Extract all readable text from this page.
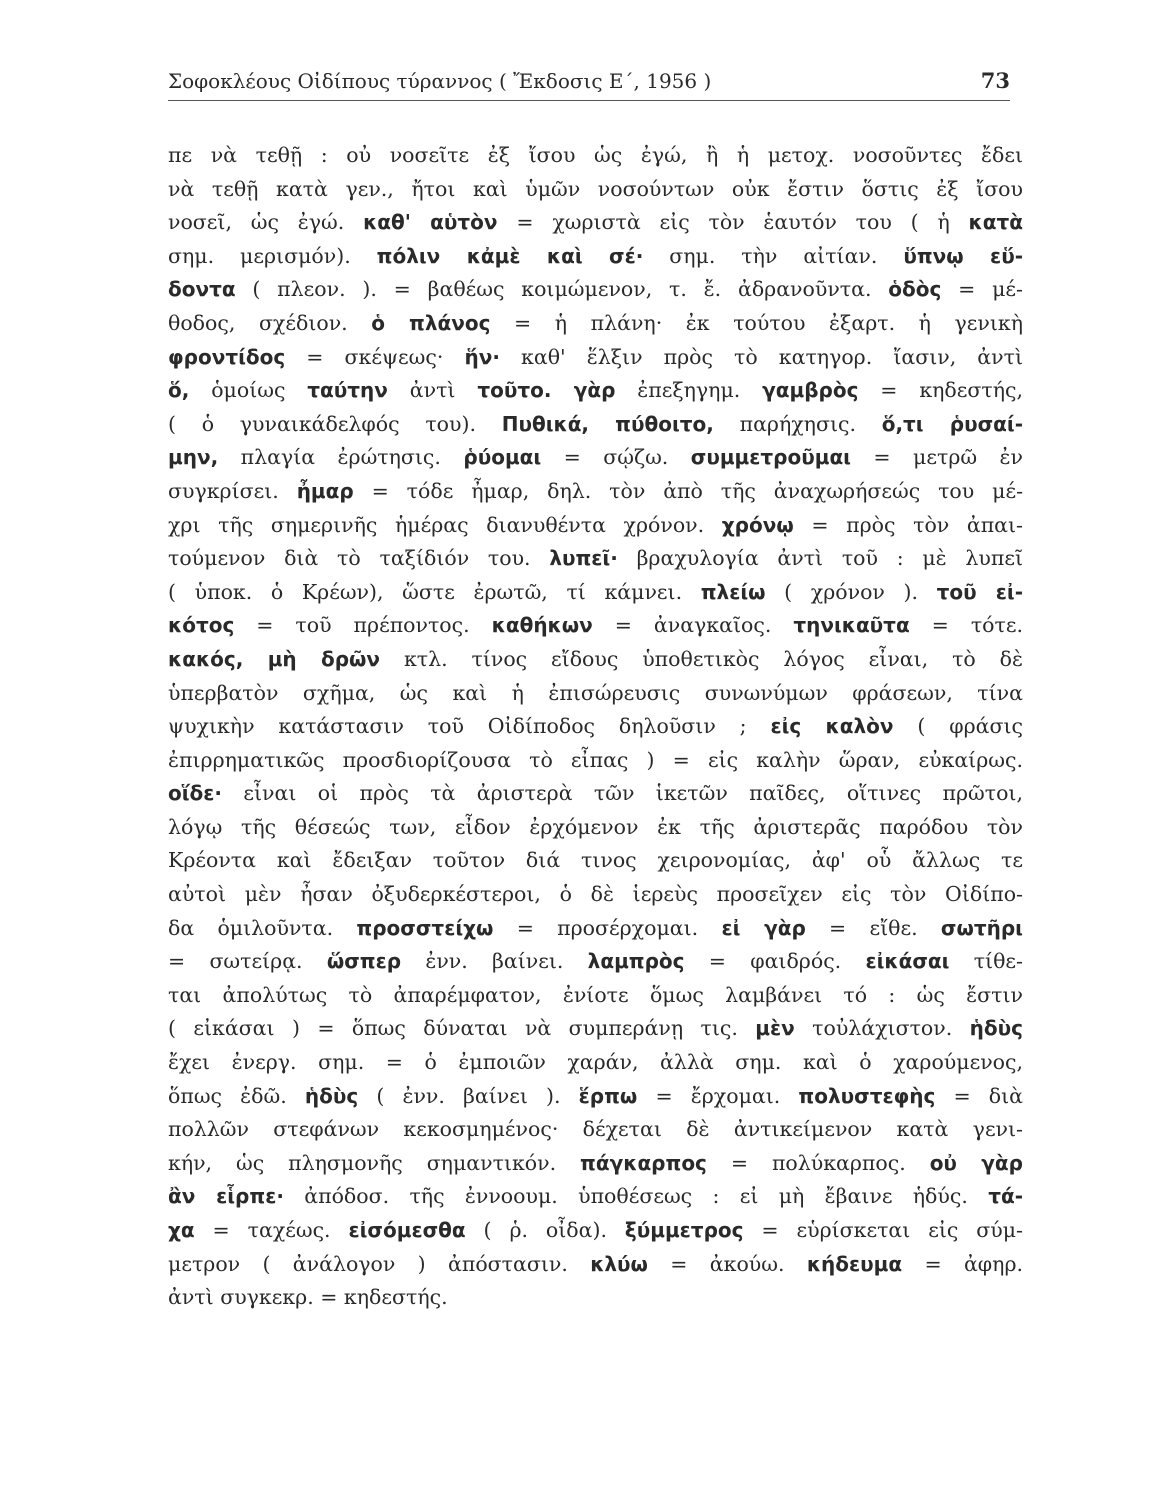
Σοφοκλέους Οἰδίπους τύραννος ( Ἔκδοσις Ε΄, 1956 )	73
πε νὰ τεθῇ : οὐ νοσεῖτε ἐξ ἴσου ὡς ἐγώ, ἢ ἡ μετοχ. νοσοῦντες ἔδει
νὰ τεθῇ κατὰ γεν., ἤτοι καὶ ὑμῶν νοσούντων οὐκ ἔστιν ὅστις ἐξ ἴσου
νοσεῖ, ὡς ἐγώ. καθ' αὑτὸν = χωριστὰ εἰς τὸν ἑαυτόν του ( ἡ κατὰ
σημ. μερισμόν). πόλιν κἀμὲ καὶ σέ· σημ. τὴν αἰτίαν. ὕπνῳ εὕ-
δοντα ( πλεον. ). = βαθέως κοιμώμενον, τ. ἔ. ἀδρανοῦντα. ὁδὸς = μέ-
θοδος, σχέδιον. ὁ πλάνος = ἡ πλάνη· ἐκ τούτου ἐξαρτ. ἡ γενικὴ
φροντίδος = σκέψεως· ἥν· καθ' ἕλξιν πρὸς τὸ κατηγορ. ἴασιν, ἀντὶ
ὅ, ὁμοίως ταύτην ἀντὶ τοῦτο. γὰρ ἐπεξηγημ. γαμβρὸς = κηδεστής,
( ὁ γυναικάδελφός του). Πυθικά, πύθοιτο, παρήχησις. ὅ,τι ῥυσαί-
μην, πλαγία ἐρώτησις. ῥύομαι = σῴζω. συμμετροῦμαι = μετρῶ ἐν
συγκρίσει. ἦμαρ = τόδε ἦμαρ, δηλ. τὸν ἀπὸ τῆς ἀναχωρήσεώς του μέ-
χρι τῆς σημερινῆς ἡμέρας διανυθέντα χρόνον. χρόνῳ = πρὸς τὸν ἀπαι-
τούμενον διὰ τὸ ταξίδιόν του. λυπεῖ· βραχυλογία ἀντὶ τοῦ : μὲ λυπεῖ
( ὑποκ. ὁ Κρέων), ὥστε ἐρωτῶ, τί κάμνει. πλείω ( χρόνον ). τοῦ εἰ-
κότος = τοῦ πρέποντος. καθήκων = ἀναγκαῖος. τηνικαῦτα = τότε.
κακός, μὴ δρῶν κτλ. τίνος εἴδους ὑποθετικὸς λόγος εἶναι, τὸ δὲ
ὑπερβατὸν σχῆμα, ὡς καὶ ἡ ἐπισώρευσις συνωνύμων φράσεων, τίνα
ψυχικὴν κατάστασιν τοῦ Οἰδίποδος δηλοῦσιν ; εἰς καλὸν ( φράσις
ἐπιρρηματικῶς προσδιορίζουσα τὸ εἶπας ) = εἰς καλὴν ὥραν, εὐκαίρως.
οἵδε· εἶναι οἱ πρὸς τὰ ἀριστερὰ τῶν ἱκετῶν παῖδες, οἵτινες πρῶτοι,
λόγῳ τῆς θέσεώς των, εἶδον ἐρχόμενον ἐκ τῆς ἀριστερᾶς παρόδου τὸν
Κρέοντα καὶ ἔδειξαν τοῦτον διά τινος χειρονομίας, ἀφ' οὗ ἄλλως τε
αὐτοὶ μὲν ἦσαν ὀξυδερκέστεροι, ὁ δὲ ἱερεὺς προσεῖχεν εἰς τὸν Οἰδίπο-
δα ὁμιλοῦντα. προσστείχω = προσέρχομαι. εἰ γὰρ = εἴθε. σωτῆρι
= σωτείρᾳ. ὥσπερ ἐνν. βαίνει. λαμπρὸς = φαιδρός. εἰκάσαι τίθε-
ται ἀπολύτως τὸ ἀπαρέμφατον, ἐνίοτε ὅμως λαμβάνει τό : ὡς ἔστιν
( εἰκάσαι ) = ὅπως δύναται νὰ συμπεράνῃ τις. μὲν τοὐλάχιστον. ἡδὺς
ἔχει ἐνεργ. σημ. = ὁ ἐμποιῶν χαράν, ἀλλὰ σημ. καὶ ὁ χαρούμενος,
ὅπως ἐδῶ. ἡδὺς ( ἐνν. βαίνει ). ἕρπω = ἔρχομαι. πολυστεφὴς = διὰ
πολλῶν στεφάνων κεκοσμημένος· δέχεται δὲ ἀντικείμενον κατὰ γενι-
κήν, ὡς πλησμονῆς σημαντικόν. πάγκαρπος = πολύκαρπος. οὐ γὰρ
ἂν εἷρπε· ἀπόδοσ. τῆς ἐννοουμ. ὑποθέσεως : εἰ μὴ ἔβαινε ἡδύς. τά-
χα = ταχέως. εἰσόμεσθα ( ῥ. οἶδα). ξύμμετρος = εὑρίσκεται εἰς σύμ-
μετρον ( ἀνάλογον ) ἀπόστασιν. κλύω = ἀκούω. κήδευμα = ἀφηρ.
ἀντὶ συγκεκρ. = κηδεστής.
